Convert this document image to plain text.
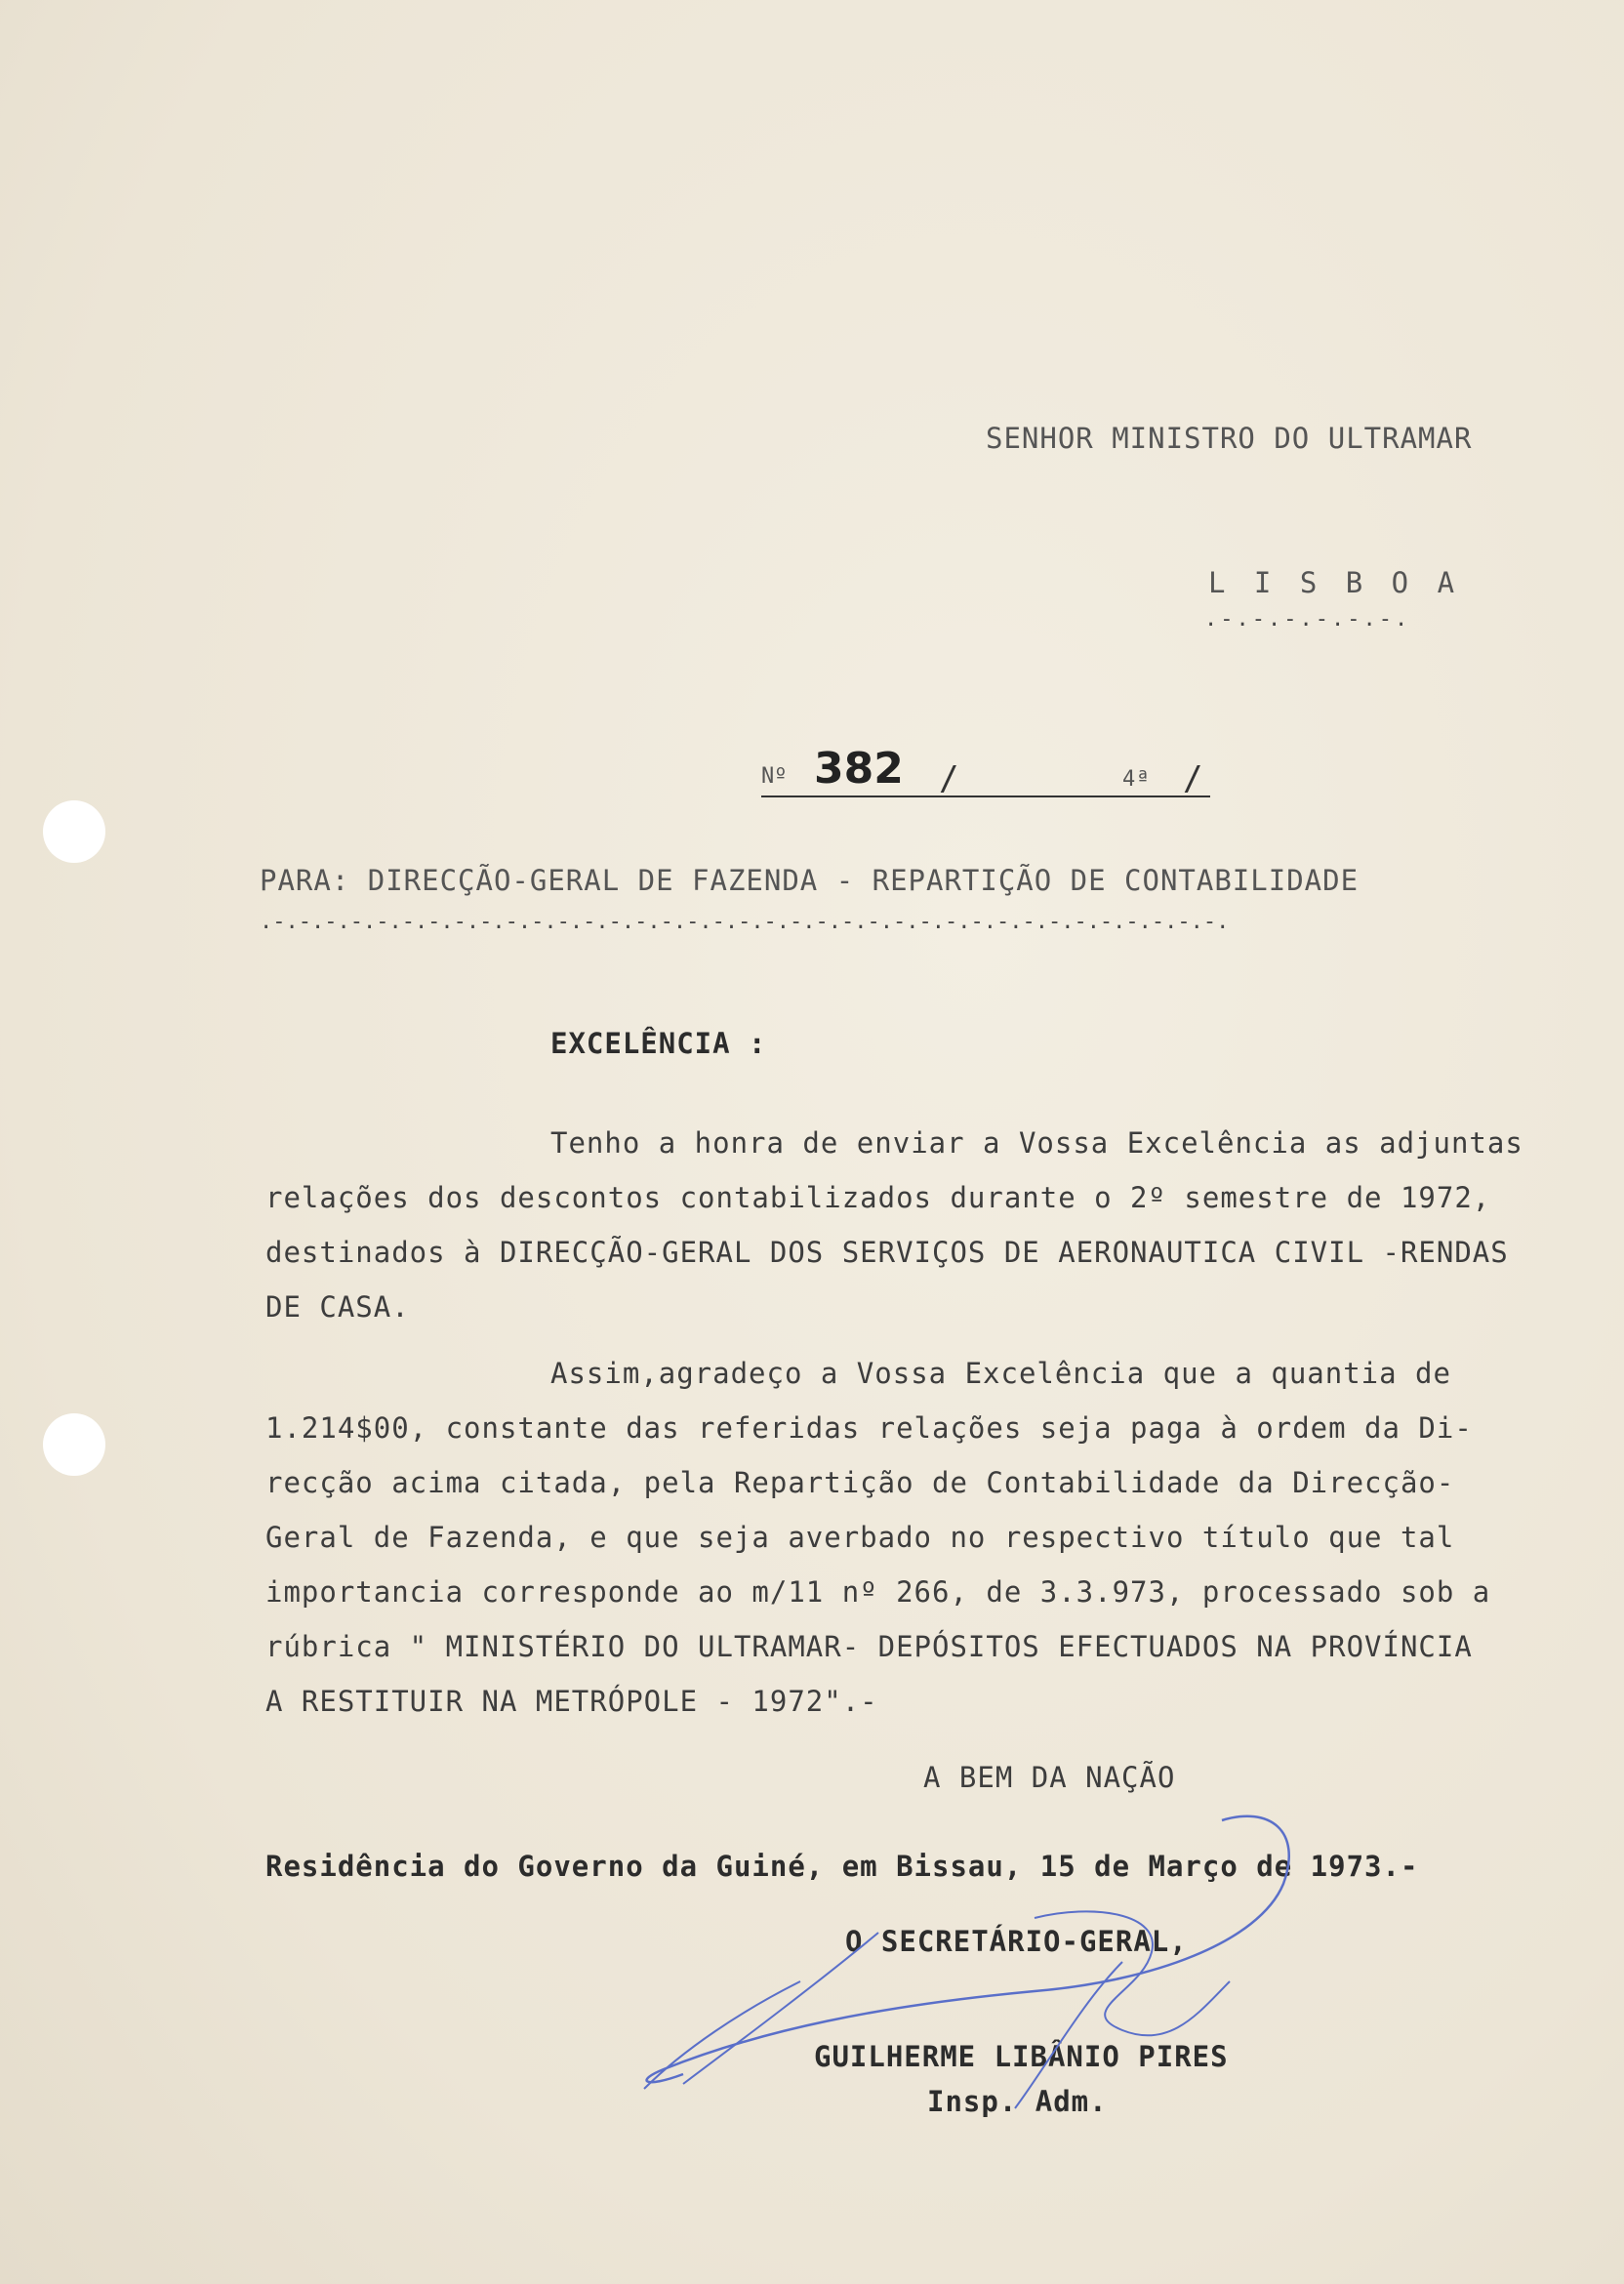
SENHOR MINISTRO DO ULTRAMAR
L I S B O A
.-.-.-.-.-.-.
Nº 382 /	4ª /
PARA: DIRECÇÃO-GERAL DE FAZENDA - REPARTIÇÃO DE CONTABILIDADE
.-.-.-.-.-.-.-.-.-.-.-.-.-.-.-.-.-.-.-.-.-.-.-.-.-.-.-.-.-.-.-.-.-.-.-.-.-.
EXCELÊNCIA :
Tenho a honra de enviar a Vossa Excelência as adjuntas
relações dos descontos contabilizados durante o 2º semestre de 1972,
destinados à DIRECÇÃO-GERAL DOS SERVIÇOS DE AERONAUTICA CIVIL -RENDAS
DE CASA.
Assim,agradeço a Vossa Excelência que a quantia de
1.214$00, constante das referidas relações seja paga à ordem da Di-
recção acima citada, pela Repartição de Contabilidade da Direcção-
Geral de Fazenda, e que seja averbado no respectivo título que tal
importancia corresponde ao m/11 nº 266, de 3.3.973, processado sob a
rúbrica " MINISTÉRIO DO ULTRAMAR- DEPÓSITOS EFECTUADOS NA PROVÍNCIA
A RESTITUIR NA METRÓPOLE - 1972".-
A BEM DA NAÇÃO
Residência do Governo da Guiné, em Bissau, 15 de Março de 1973.-
O SECRETÁRIO-GERAL,
GUILHERME LIBÂNIO PIRES
Insp. Adm.
